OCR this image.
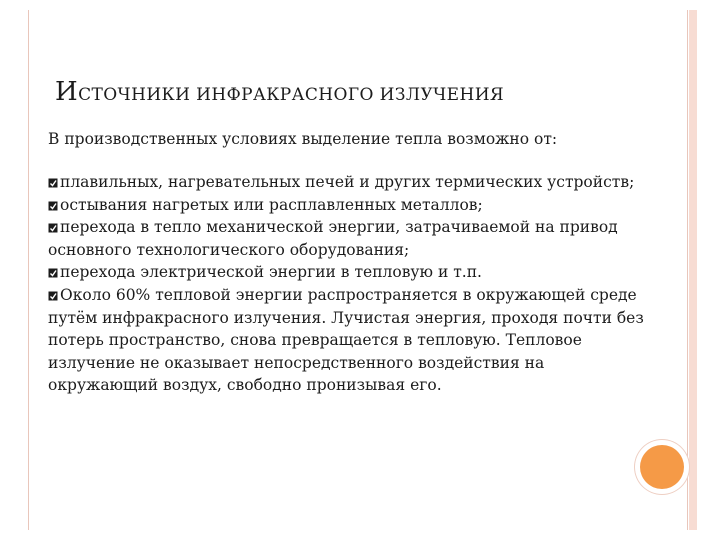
ИСТОЧНИКИ ИНФРАКРАСНОГО ИЗЛУЧЕНИЯ
В производственных условиях выделение тепла возможно от:
плавильных, нагревательных печей и других термических устройств;
остывания нагретых или расплавленных металлов;
перехода в тепло механической энергии, затрачиваемой на привод основного технологического оборудования;
перехода электрической энергии в тепловую и т.п.
Около 60% тепловой энергии распространяется в окружающей среде путём инфракрасного излучения. Лучистая энергия, проходя почти без потерь пространство, снова превращается в тепловую. Тепловое излучение не оказывает непосредственного воздействия на окружающий воздух, свободно пронизывая его.
